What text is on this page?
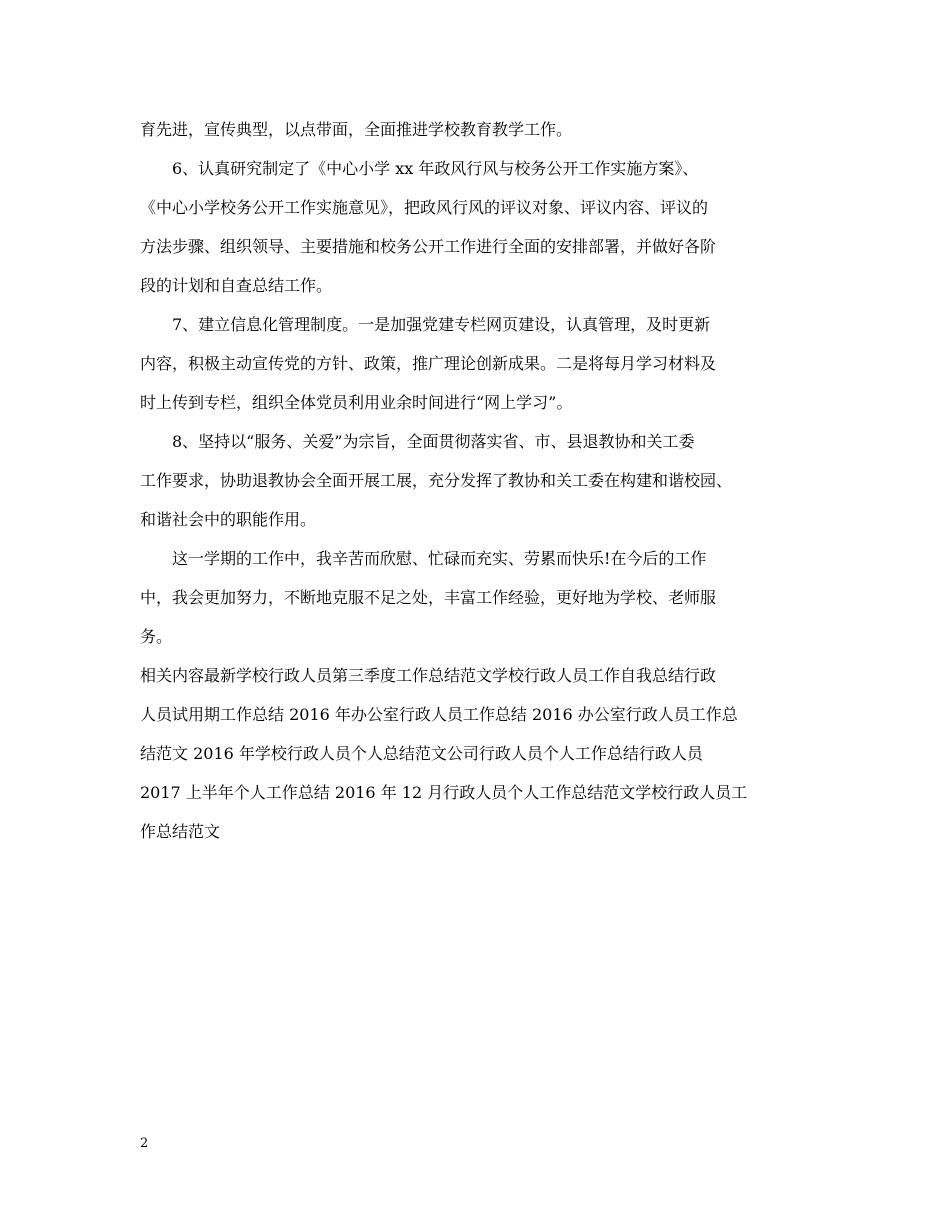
育先进，宣传典型，以点带面，全面推进学校教育教学工作。
6、认真研究制定了《中心小学 xx 年政风行风与校务公开工作实施方案》、
《中心小学校务公开工作实施意见》，把政风行风的评议对象、评议内容、评议的
方法步骤、组织领导、主要措施和校务公开工作进行全面的安排部署，并做好各阶
段的计划和自查总结工作。
7、建立信息化管理制度。一是加强党建专栏网页建设，认真管理，及时更新
内容，积极主动宣传党的方针、政策，推广理论创新成果。二是将每月学习材料及
时上传到专栏，组织全体党员利用业余时间进行“网上学习”。
8、坚持以“服务、关爱”为宗旨，全面贯彻落实省、市、县退教协和关工委
工作要求，协助退教协会全面开展工展，充分发挥了教协和关工委在构建和谐校园、
和谐社会中的职能作用。
这一学期的工作中，我辛苦而欣慰、忙碌而充实、劳累而快乐!在今后的工作
中，我会更加努力，不断地克服不足之处，丰富工作经验，更好地为学校、老师服
务。
相关内容最新学校行政人员第三季度工作总结范文学校行政人员工作自我总结行政
人员试用期工作总结 2016 年办公室行政人员工作总结 2016 办公室行政人员工作总
结范文 2016 年学校行政人员个人总结范文公司行政人员个人工作总结行政人员
2017 上半年个人工作总结 2016 年 12 月行政人员个人工作总结范文学校行政人员工
作总结范文
2
